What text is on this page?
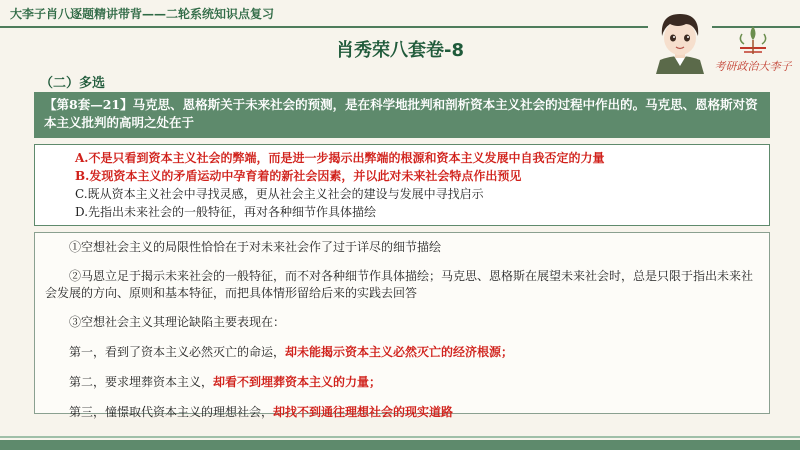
大李子肖八逐题精讲带背——二轮系统知识点复习
肖秀荣八套卷-8
考研政治大李子
（二）多选
【第8套—21】马克思、恩格斯关于未来社会的预测，是在科学地批判和剖析资本主义社会的过程中作出的。马克思、恩格斯对资本主义批判的高明之处在于
A.不是只看到资本主义社会的弊端，而是进一步揭示出弊端的根源和资本主义发展中自我否定的力量
B.发现资本主义的矛盾运动中孕育着的新社会因素，并以此对未来社会特点作出预见
C.既从资本主义社会中寻找灵感，更从社会主义社会的建设与发展中寻找启示
D.先指出未来社会的一般特征，再对各种细节作具体描绘
①空想社会主义的局限性恰恰在于对未来社会作了过于详尽的细节描绘
②马恩立足于揭示未来社会的一般特征，而不对各种细节作具体描绘；马克思、恩格斯在展望未来社会时，总是只限于指出未来社会发展的方向、原则和基本特征，而把具体情形留给后来的实践去回答
③空想社会主义其理论缺陷主要表现在：
第一，看到了资本主义必然灭亡的命运，却未能揭示资本主义必然灭亡的经济根源；
第二，要求埋葬资本主义，却看不到埋葬资本主义的力量；
第三，憧憬取代资本主义的理想社会，却找不到通往理想社会的现实道路
